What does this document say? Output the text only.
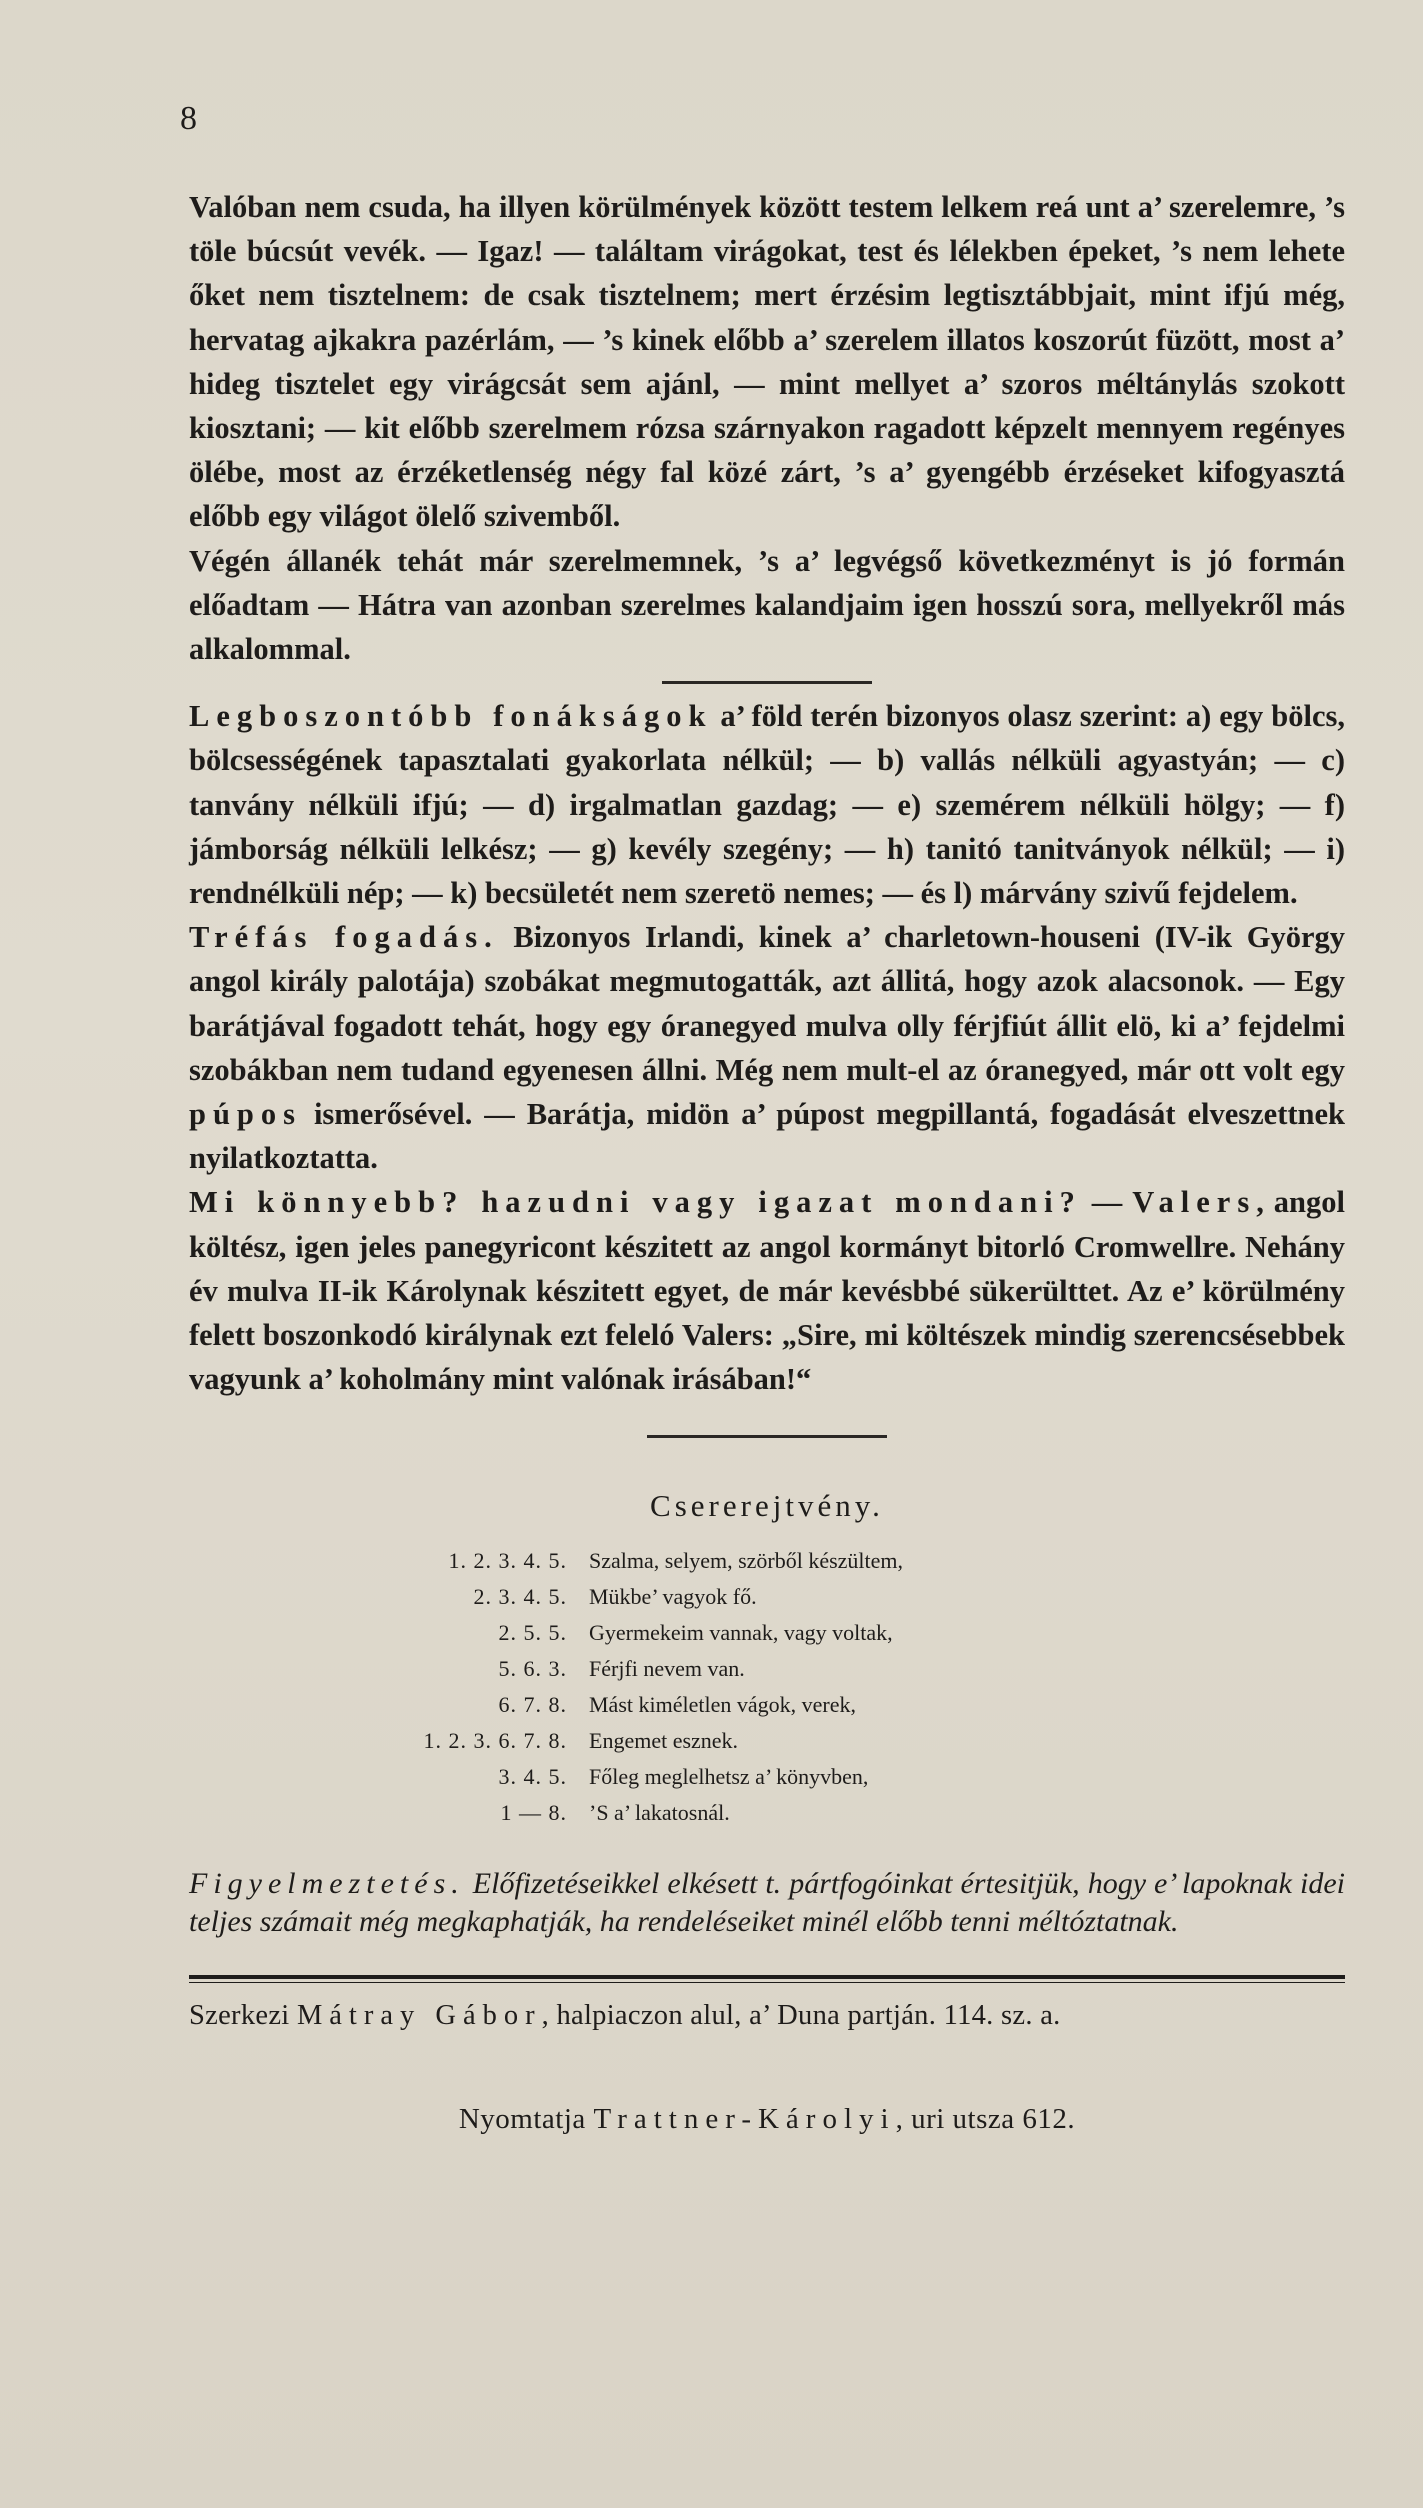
8

Valóban nem csuda, ha illyen körülmények között testem lelkem reá unt a’ szerelemre, ’s töle búcsút vevék. — Igaz! — találtam virágokat, test és lélekben épeket, ’s nem lehete őket nem tisztelnem: de csak tisztelnem; mert érzésim legtisztábbjait, mint ifjú még, hervatag ajkakra pazérlám, — ’s kinek előbb a’ szerelem illatos koszorút füzött, most a’ hideg tisztelet egy virágcsát sem ajánl, — mint mellyet a’ szoros méltánylás szokott kiosztani; — kit előbb szerelmem rózsa szárnyakon ragadott képzelt mennyem regényes ölébe, most az érzéketlenség négy fal közé zárt, ’s a’ gyengébb érzéseket kifogyasztá előbb egy világot ölelő szivemből.

Végén állanék tehát már szerelmemnek, ’s a’ legvégső következményt is jó formán előadtam — Hátra van azonban szerelmes kalandjaim igen hosszú sora, mellyekről más alkalommal.

Legboszontóbb fonákságok a’ föld terén bizonyos olasz szerint: a) egy bölcs, bölcsességének tapasztalati gyakorlata nélkül; — b) vallás nélküli agyastyán; — c) tanvány nélküli ifjú; — d) irgalmatlan gazdag; — e) szemérem nélküli hölgy; — f) jámborság nélküli lelkész; — g) kevély szegény; — h) tanitó tanitványok nélkül; — i) rendnélküli nép; — k) becsületét nem szeretö nemes; — és l) márvány szivű fejdelem.

Tréfás fogadás. Bizonyos Irlandi, kinek a’ charletown-houseni (IV-ik György angol király palotája) szobákat megmutogatták, azt állitá, hogy azok alacsonok. — Egy barátjával fogadott tehát, hogy egy óranegyed mulva olly férjfiút állit elö, ki a’ fejdelmi szobákban nem tudand egyenesen állni. Még nem mult-el az óranegyed, már ott volt egy púpos ismerősével. — Barátja, midön a’ púpost megpillantá, fogadását elveszettnek nyilatkoztatta.

Mi könnyebb? hazudni vagy igazat mondani? — Valers, angol költész, igen jeles panegyricont készitett az angol kormányt bitorló Cromwellre. Nehány év mulva II-ik Károlynak készitett egyet, de már kevésbbé sükerülttet. Az e’ körülmény felett boszonkodó királynak ezt feleló Valers: „Sire, mi költészek mindig szerencsésebbek vagyunk a’ koholmány mint valónak irásában!“

Csererejtvény.
1. 2. 3. 4. 5.	Szalma, selyem, szörből készültem,
2. 3. 4. 5.	Mükbe’ vagyok fő.
2. 5. 5.	Gyermekeim vannak, vagy voltak,
5. 6. 3.	Férjfi nevem van.
6. 7. 8.	Mást kiméletlen vágok, verek,
1. 2. 3. 6. 7. 8.	Engemet esznek.
3. 4. 5.	Főleg meglelhetsz a’ könyvben,
1 — 8.	’S a’ lakatosnál.

Figyelmeztetés. Előfizetéseikkel elkésett t. pártfogóinkat értesitjük, hogy e’ lapoknak idei teljes számait még megkaphatják, ha rendeléseiket minél előbb tenni méltóztatnak.

Szerkezi Mátray Gábor, halpiaczon alul, a’ Duna partján. 114. sz. a.
Nyomtatja Trattner-Károlyi, uri utsza 612.
